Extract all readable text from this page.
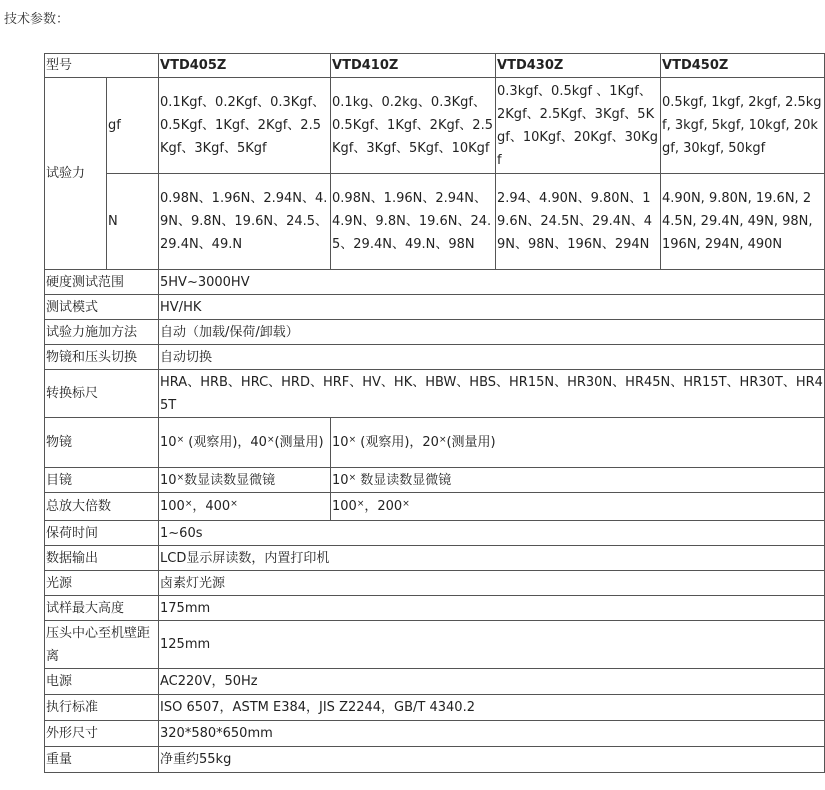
技术参数：
型号		VTD405Z	VTD410Z	VTD430Z	VTD450Z
试验力	gf	0.1Kgf、0.2Kgf、0.3Kgf、0.5Kgf、1Kgf、2Kgf、2.5Kgf、3Kgf、5Kgf	0.1kg、0.2kg、0.3Kgf、0.5Kgf、1Kgf、2Kgf、2.5Kgf、3Kgf、5Kgf、10Kgf	0.3kgf、0.5kgf 、1Kgf、2Kgf、2.5Kgf、3Kgf、5Kgf、10Kgf、20Kgf、30Kgf	0.5kgf, 1kgf, 2kgf, 2.5kgf, 3kgf, 5kgf, 10kgf, 20kgf, 30kgf, 50kgf
	N	0.98N、1.96N、2.94N、4.9N、9.8N、19.6N、24.5、29.4N、49.N	0.98N、1.96N、2.94N、4.9N、9.8N、19.6N、24.5、29.4N、49.N、98N	2.94、4.90N、9.80N、19.6N、24.5N、29.4N、49N、98N、196N、294N	4.90N, 9.80N, 19.6N, 24.5N, 29.4N, 49N, 98N, 196N, 294N, 490N
硬度测试范围		5HV~3000HV			
测试模式		HV/HK			
试验力施加方法		自动（加载/保荷/卸载）			
物镜和压头切换		自动切换			
转换标尺		HRA、HRB、HRC、HRD、HRF、HV、HK、HBW、HBS、HR15N、HR30N、HR45N、HR15T、HR30T、HR45T			
物镜		10× (观察用)，40×(测量用)	10× (观察用)，20×(测量用)		
目镜		10×数显读数显微镜	10× 数显读数显微镜		
总放大倍数		100×，400×	100×，200×
保荷时间		1~60s			
数据输出		LCD显示屏读数，内置打印机			
光源		卤素灯光源			
试样最大高度		175mm			
压头中心至机壁距离		125mm			
电源		AC220V，50Hz			
执行标准		ISO 6507，ASTM E384，JIS Z2244，GB/T 4340.2			
外形尺寸		320*580*650mm			
重量		净重约55kg			
